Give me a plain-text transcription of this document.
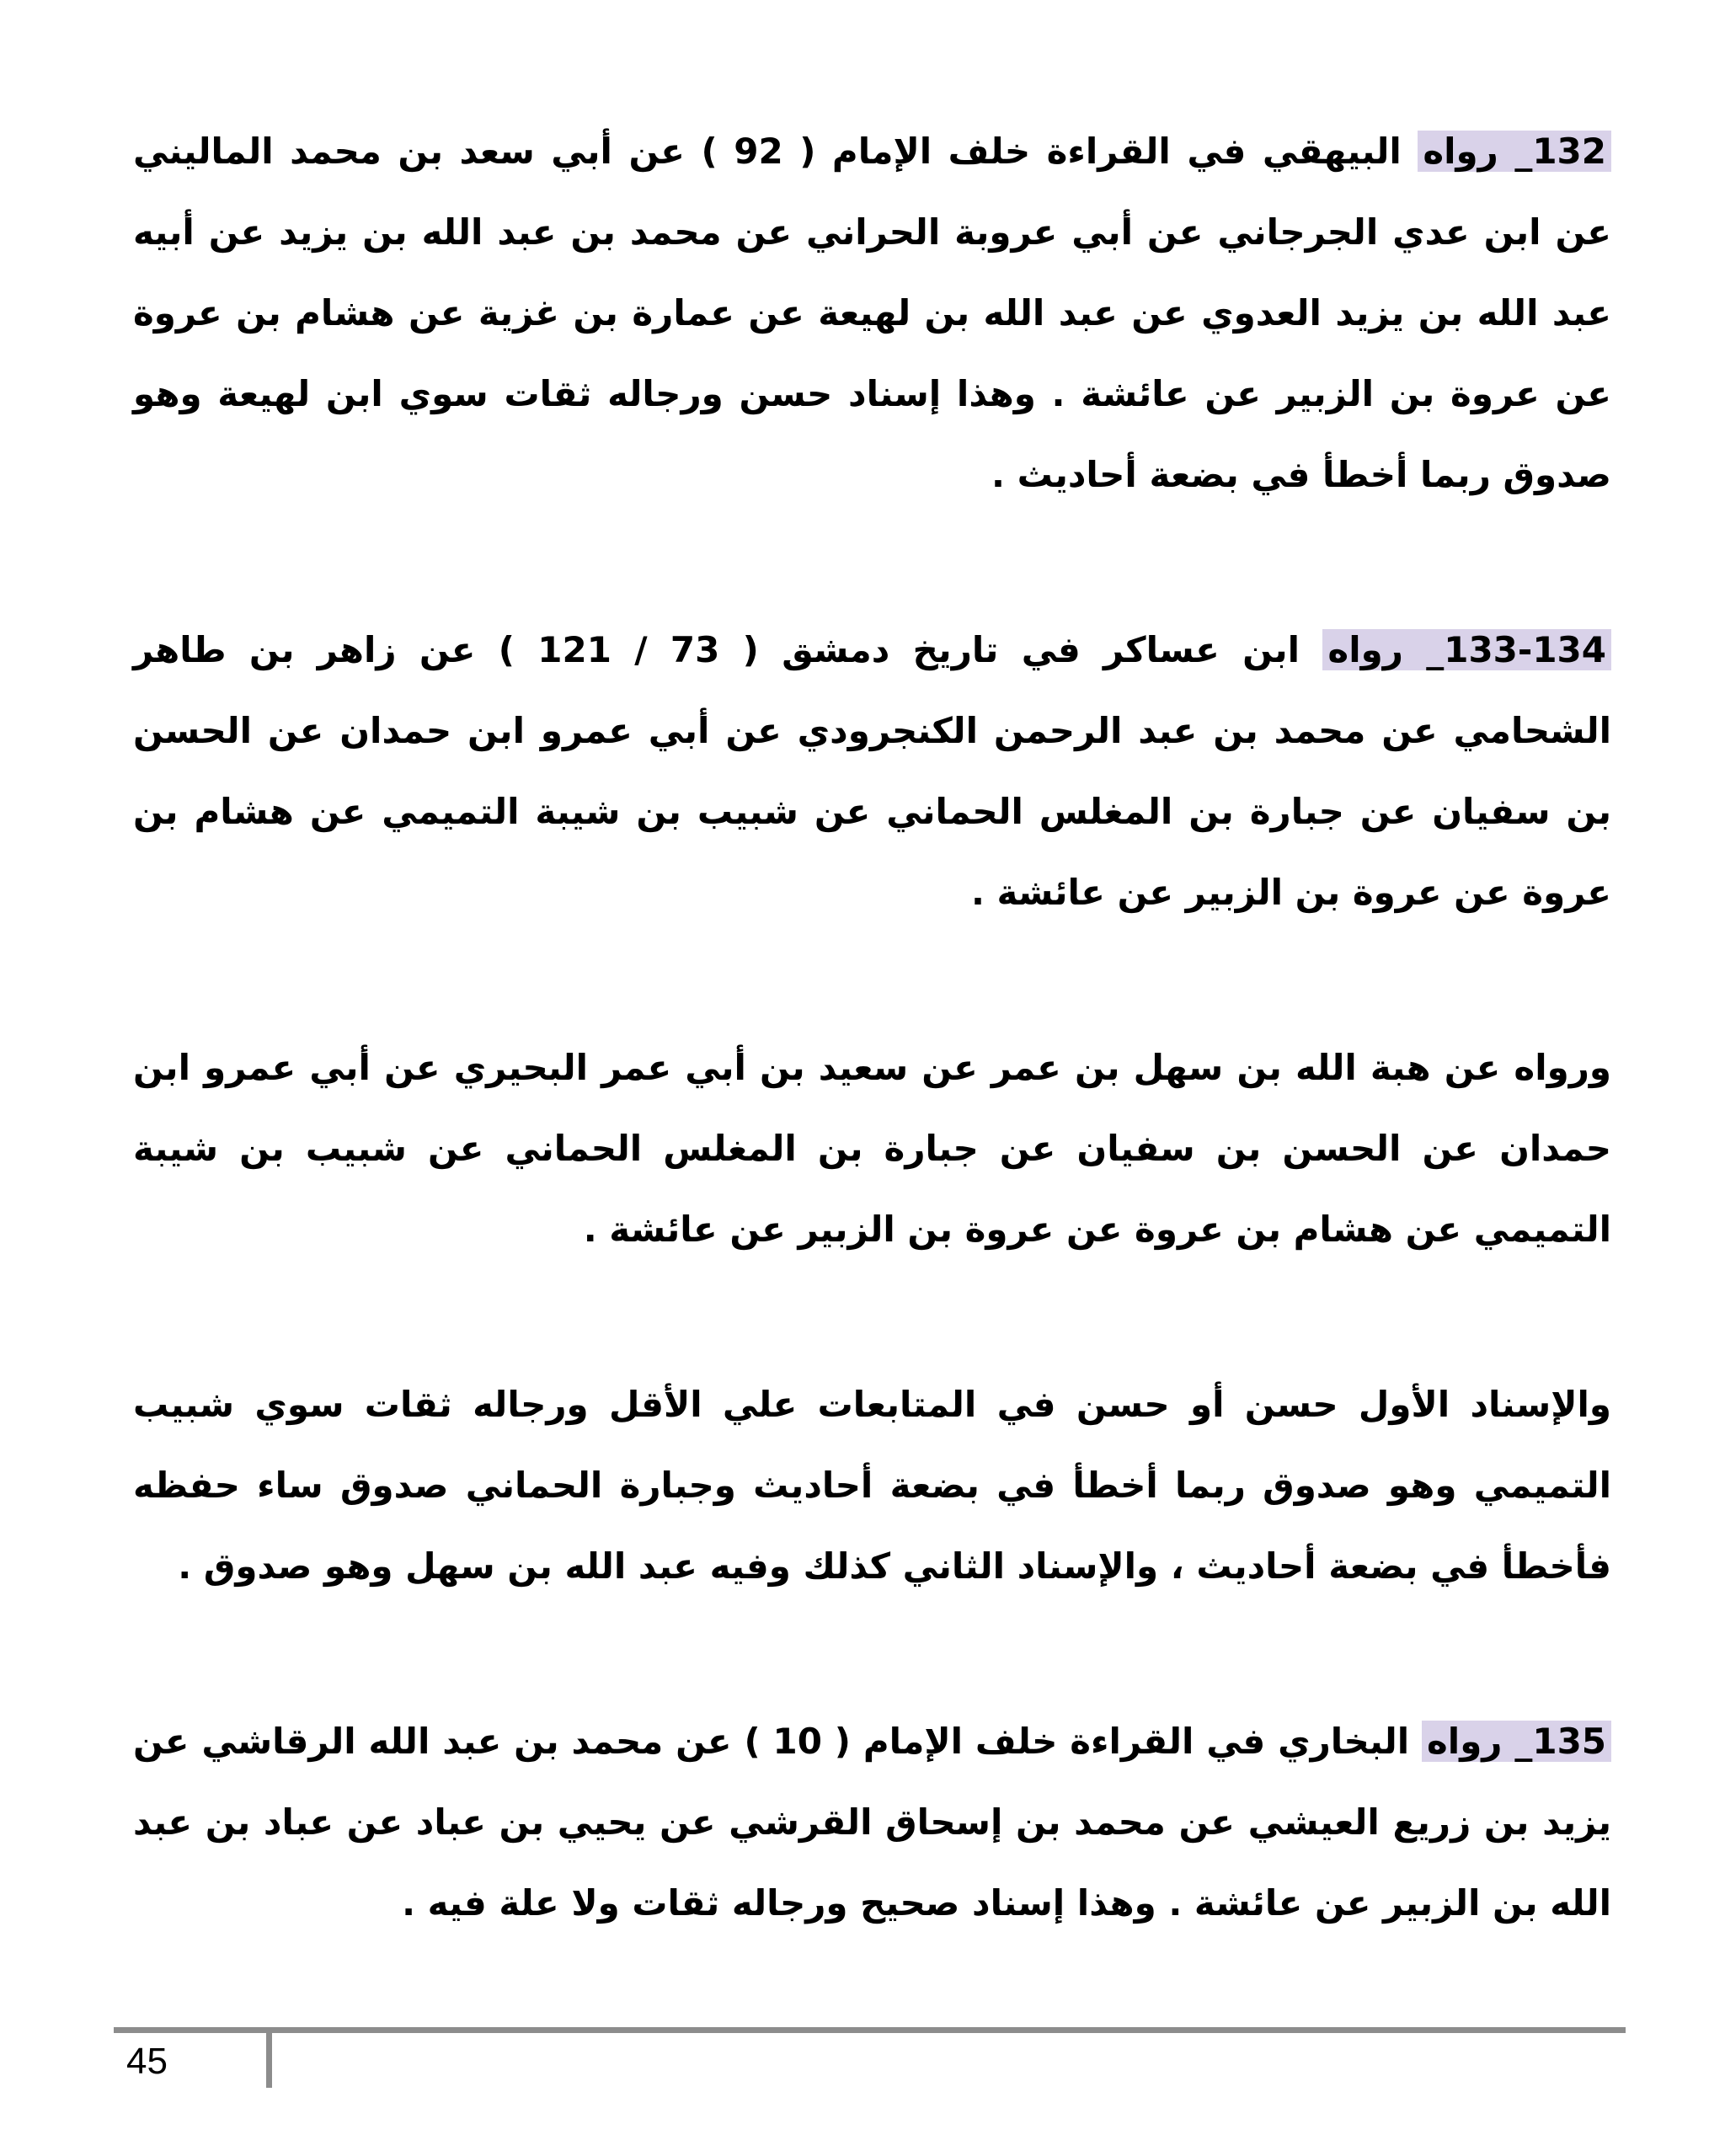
132_ رواه البيهقي في القراءة خلف الإمام ( 92 ) عن أبي سعد بن محمد الماليني عن ابن عدي الجرجاني عن أبي عروبة الحراني عن محمد بن عبد الله بن يزيد عن أبيه عبد الله بن يزيد العدوي عن عبد الله بن لهيعة عن عمارة بن غزية عن هشام بن عروة عن عروة بن الزبير عن عائشة . وهذا إسناد حسن ورجاله ثقات سوي ابن لهيعة وهو صدوق ربما أخطأ في بضعة أحاديث .

133-134_ رواه ابن عساكر في تاريخ دمشق ( 73 / 121 ) عن زاهر بن طاهر الشحامي عن محمد بن عبد الرحمن الكنجرودي عن أبي عمرو ابن حمدان عن الحسن بن سفيان عن جبارة بن المغلس الحماني عن شبيب بن شيبة التميمي عن هشام بن عروة عن عروة بن الزبير عن عائشة .

ورواه عن هبة الله بن سهل بن عمر عن سعيد بن أبي عمر البحيري عن أبي عمرو ابن حمدان عن الحسن بن سفيان عن جبارة بن المغلس الحماني عن شبيب بن شيبة التميمي عن هشام بن عروة عن عروة بن الزبير عن عائشة .

والإسناد الأول حسن أو حسن في المتابعات علي الأقل ورجاله ثقات سوي شبيب التميمي وهو صدوق ربما أخطأ في بضعة أحاديث وجبارة الحماني صدوق ساء حفظه فأخطأ في بضعة أحاديث ، والإسناد الثاني كذلك وفيه عبد الله بن سهل وهو صدوق .

135_ رواه البخاري في القراءة خلف الإمام ( 10 ) عن محمد بن عبد الله الرقاشي عن يزيد بن زريع العيشي عن محمد بن إسحاق القرشي عن يحيي بن عباد عن عباد بن عبد الله بن الزبير عن عائشة . وهذا إسناد صحيح ورجاله ثقات ولا علة فيه .

45
